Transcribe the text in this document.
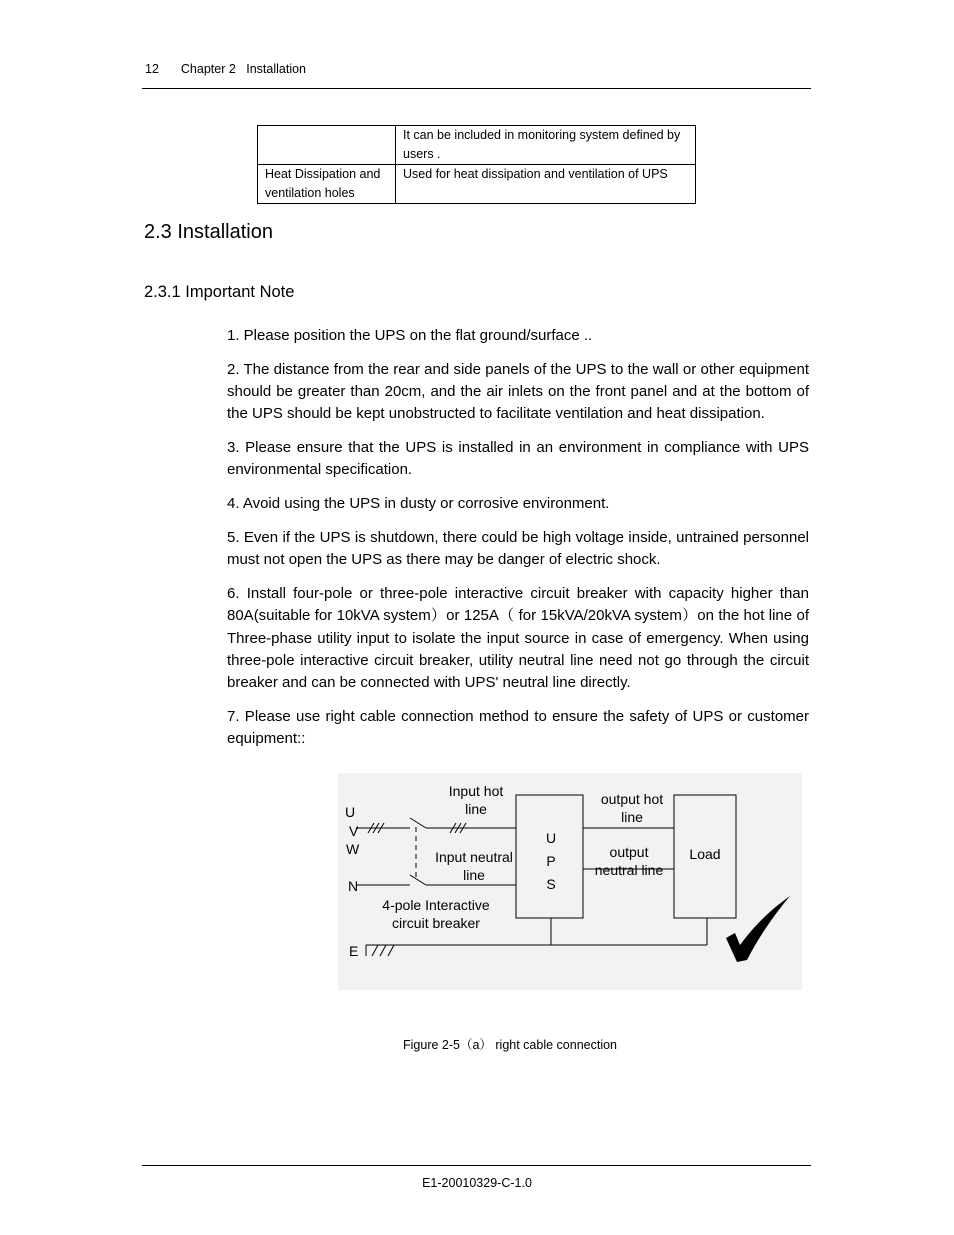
12 Chapter 2 Installation
	It can be included in monitoring system defined by users .
Heat Dissipation and ventilation holes	Used for heat dissipation and ventilation of UPS
2.3 Installation
2.3.1 Important Note

1. Please position the UPS on the flat ground/surface ..

2. The distance from the rear and side panels of the UPS to the wall or other equipment should be greater than 20cm, and the air inlets on the front panel and at the bottom of the UPS should be kept unobstructed to facilitate ventilation and heat dissipation.

3. Please ensure that the UPS is installed in an environment in compliance with UPS environmental specification.

4. Avoid using the UPS in dusty or corrosive environment.

5. Even if the UPS is shutdown, there could be high voltage inside, untrained personnel must not open the UPS as there may be danger of electric shock.

6. Install four-pole or three-pole interactive circuit breaker with capacity higher than 80A(suitable for 10kVA system）or 125A（ for 15kVA/20kVA system）on the hot line of Three-phase utility input to isolate the input source in case of emergency. When using three-pole interactive circuit breaker, utility neutral line need not go through the circuit breaker and can be connected with UPS' neutral line directly.

7. Please use right cable connection method to ensure the safety of UPS or customer equipment::

U
V
W
N
E
Input hot line
Input neutral line
4-pole Interactive circuit breaker
U
P
S
output hot line
output neutral line
Load
Figure 2-5（a） right cable connection
E1-20010329-C-1.0
